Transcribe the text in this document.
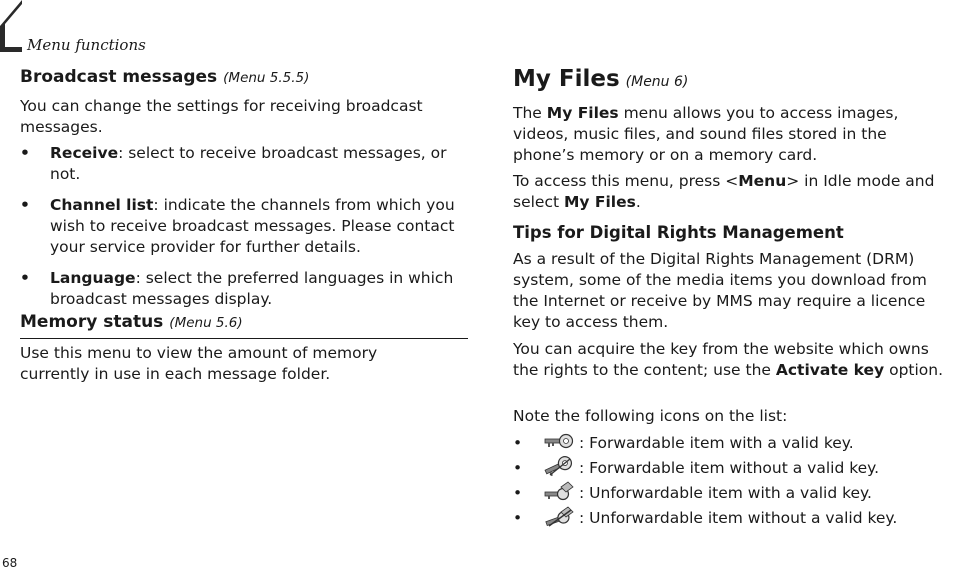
Menu functions
Broadcast messages (Menu 5.5.5)

You can change the settings for receiving broadcast messages.

• Receive: select to receive broadcast messages, or not.
• Channel list: indicate the channels from which you wish to receive broadcast messages. Please contact your service provider for further details.
• Language: select the preferred languages in which broadcast messages display.
Memory status (Menu 5.6)

Use this menu to view the amount of memory currently in use in each message folder.

My Files (Menu 6)

The My Files menu allows you to access images, videos, music files, and sound files stored in the phone’s memory or on a memory card.

To access this menu, press <Menu> in Idle mode and select My Files.

Tips for Digital Rights Management

As a result of the Digital Rights Management (DRM) system, some of the media items you download from the Internet or receive by MMS may require a licence key to access them.

You can acquire the key from the website which owns the rights to the content; use the Activate key option.

Note the following icons on the list:

•	: Forwardable item with a valid key.
•	: Forwardable item without a valid key.
•	: Unforwardable item with a valid key.
•	: Unforwardable item without a valid key.
68
